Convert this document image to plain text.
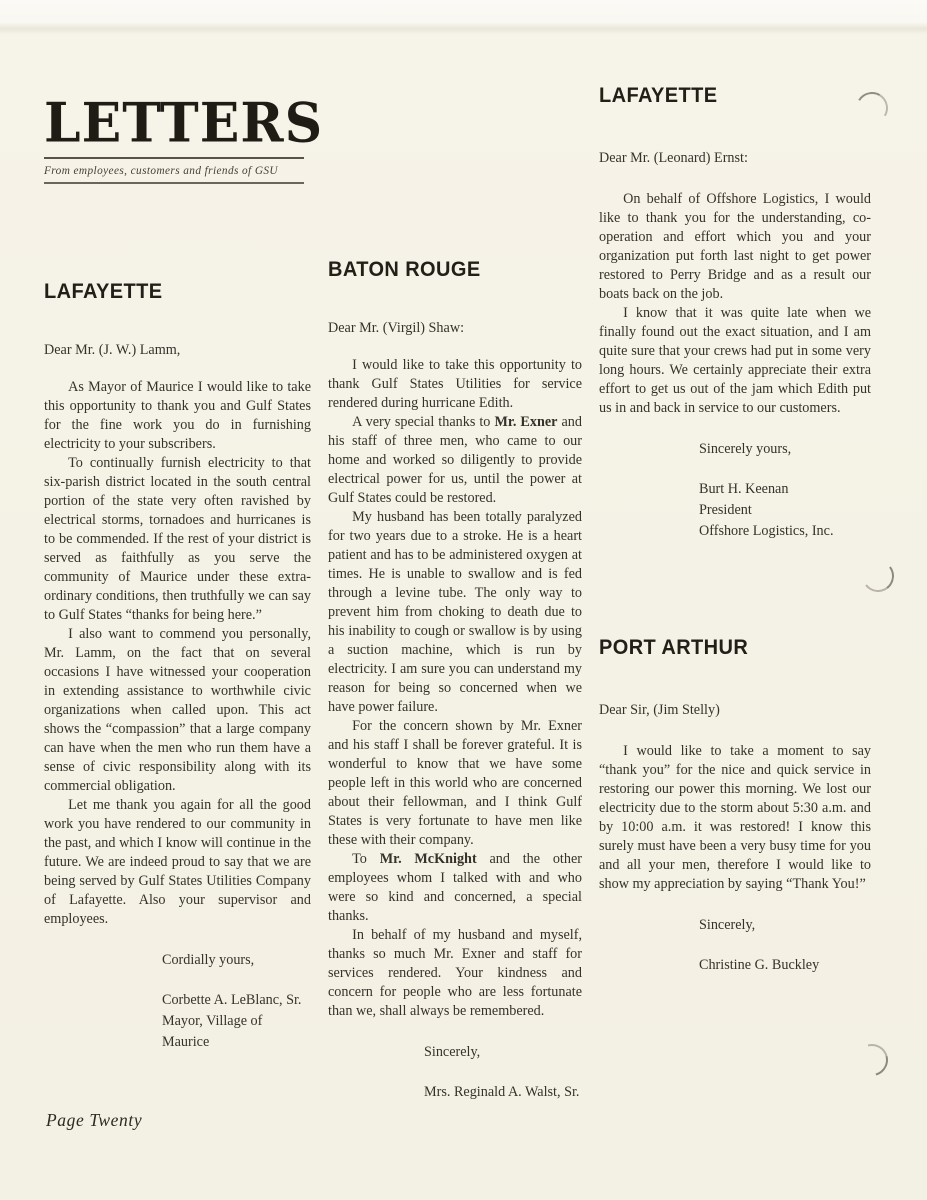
LETTERS
From employees, customers and friends of GSU
LAFAYETTE

Dear Mr. (J. W.) Lamm,

As Mayor of Maurice I would like to take this opportunity to thank you and Gulf States for the fine work you do in furnishing electricity to your subscribers.

To continually furnish electricity to that six-parish district located in the south central portion of the state very often ravished by electrical storms, tornadoes and hurricanes is to be commended. If the rest of your district is served as faithfully as you serve the community of Maurice under these extra-ordinary conditions, then truthfully we can say to Gulf States “thanks for being here.”

I also want to commend you personally, Mr. Lamm, on the fact that on several occasions I have witnessed your cooperation in extending assistance to worthwhile civic organizations when called upon. This act shows the “compassion” that a large company can have when the men who run them have a sense of civic responsibility along with its commercial obligation.

Let me thank you again for all the good work you have rendered to our community in the past, and which I know will continue in the future. We are indeed proud to say that we are being served by Gulf States Utilities Company of Lafayette. Also your supervisor and employees.

Cordially yours,

Corbette A. LeBlanc, Sr.
Mayor, Village of Maurice
BATON ROUGE

Dear Mr. (Virgil) Shaw:

I would like to take this opportunity to thank Gulf States Utilities for service rendered during hurricane Edith.

A very special thanks to Mr. Exner and his staff of three men, who came to our home and worked so diligently to provide electrical power for us, until the power at Gulf States could be restored.

My husband has been totally paralyzed for two years due to a stroke. He is a heart patient and has to be administered oxygen at times. He is unable to swallow and is fed through a levine tube. The only way to prevent him from choking to death due to his inability to cough or swallow is by using a suction machine, which is run by electricity. I am sure you can understand my reason for being so concerned when we have power failure.

For the concern shown by Mr. Exner and his staff I shall be forever grateful. It is wonderful to know that we have some people left in this world who are concerned about their fellowman, and I think Gulf States is very fortunate to have men like these with their company.

To Mr. McKnight and the other employees whom I talked with and who were so kind and concerned, a special thanks.

In behalf of my husband and myself, thanks so much Mr. Exner and staff for services rendered. Your kindness and concern for people who are less fortunate than we, shall always be remembered.

Sincerely,

Mrs. Reginald A. Walst, Sr.
LAFAYETTE

Dear Mr. (Leonard) Ernst:

On behalf of Offshore Logistics, I would like to thank you for the understanding, co-operation and effort which you and your organization put forth last night to get power restored to Perry Bridge and as a result our boats back on the job.

I know that it was quite late when we finally found out the exact situation, and I am quite sure that your crews had put in some very long hours. We certainly appreciate their extra effort to get us out of the jam which Edith put us in and back in service to our customers.

Sincerely yours,

Burt H. Keenan
President
Offshore Logistics, Inc.
PORT ARTHUR

Dear Sir, (Jim Stelly)

I would like to take a moment to say “thank you” for the nice and quick service in restoring our power this morning. We lost our electricity due to the storm about 5:30 a.m. and by 10:00 a.m. it was restored! I know this surely must have been a very busy time for you and all your men, therefore I would like to show my appreciation by saying “Thank You!”

Sincerely,

Christine G. Buckley
Page Twenty
